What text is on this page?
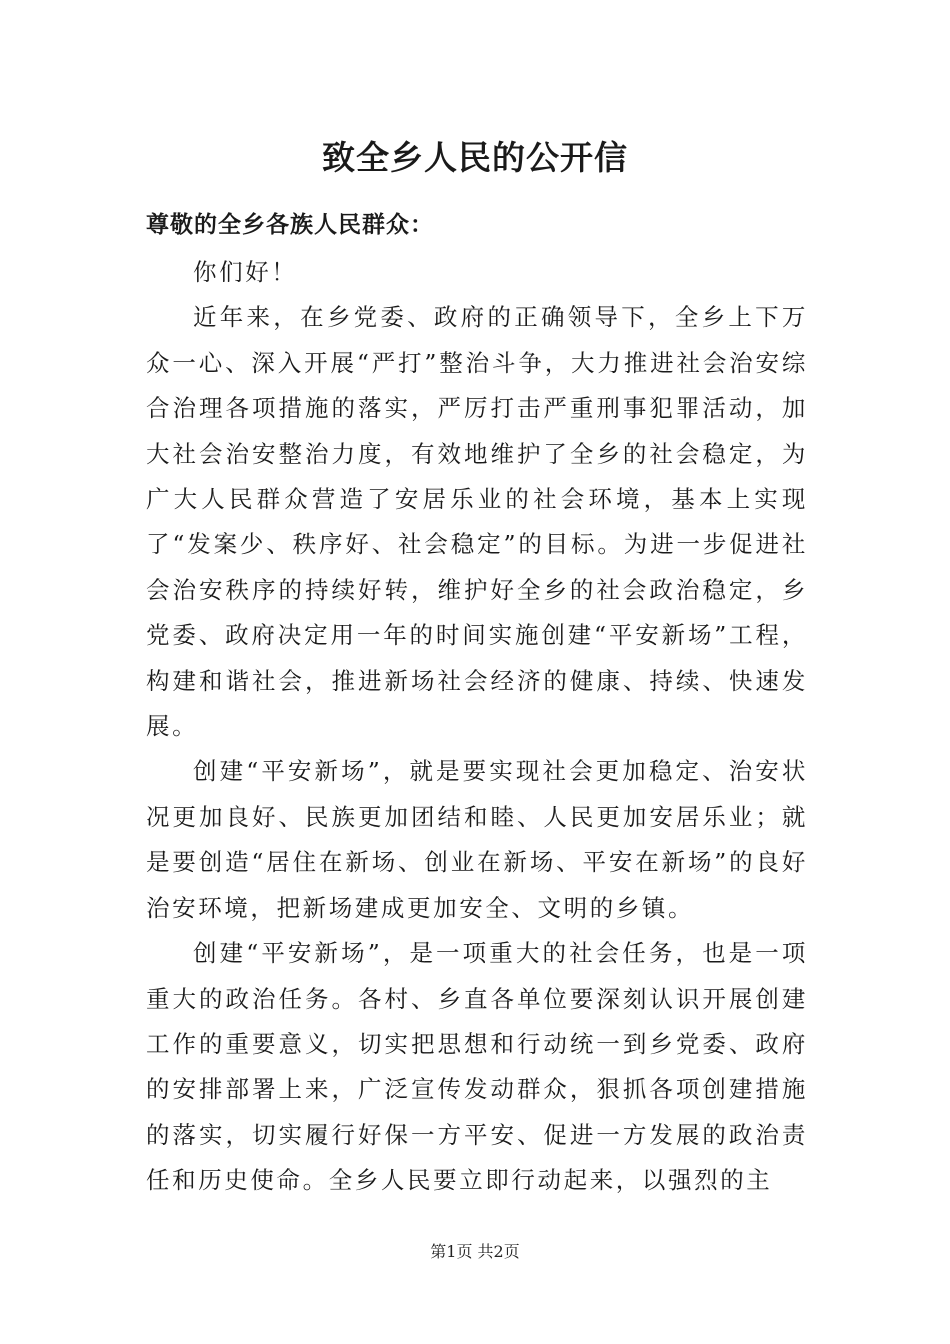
致全乡人民的公开信
尊敬的全乡各族人民群众：

你们好！

近年来，在乡党委、政府的正确领导下，全乡上下万众一心、深入开展“严打”整治斗争，大力推进社会治安综合治理各项措施的落实，严厉打击严重刑事犯罪活动，加大社会治安整治力度，有效地维护了全乡的社会稳定，为广大人民群众营造了安居乐业的社会环境，基本上实现了“发案少、秩序好、社会稳定”的目标。为进一步促进社会治安秩序的持续好转，维护好全乡的社会政治稳定，乡党委、政府决定用一年的时间实施创建“平安新场”工程，构建和谐社会，推进新场社会经济的健康、持续、快速发展。

创建“平安新场”，就是要实现社会更加稳定、治安状况更加良好、民族更加团结和睦、人民更加安居乐业；就是要创造“居住在新场、创业在新场、平安在新场”的良好治安环境，把新场建成更加安全、文明的乡镇。

创建“平安新场”，是一项重大的社会任务，也是一项重大的政治任务。各村、乡直各单位要深刻认识开展创建工作的重要意义，切实把思想和行动统一到乡党委、政府的安排部署上来，广泛宣传发动群众，狠抓各项创建措施的落实，切实履行好保一方平安、促进一方发展的政治责任和历史使命。全乡人民要立即行动起来，以强烈的主

第1页 共2页
